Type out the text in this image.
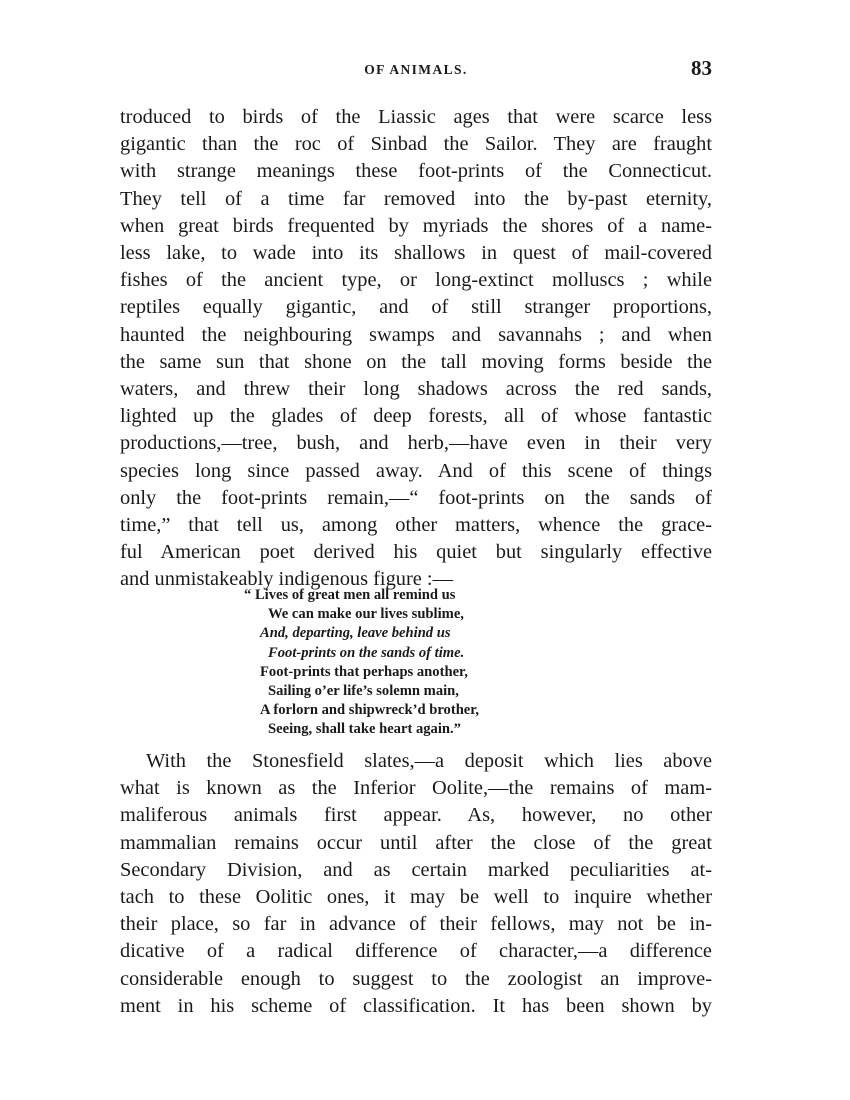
OF ANIMALS.	83
troduced to birds of the Liassic ages that were scarce less
gigantic than the roc of Sinbad the Sailor. They are fraught
with strange meanings these foot-prints of the Connecticut.
They tell of a time far removed into the by-past eternity,
when great birds frequented by myriads the shores of a name-
less lake, to wade into its shallows in quest of mail-covered
fishes of the ancient type, or long-extinct molluscs ; while
reptiles equally gigantic, and of still stranger proportions,
haunted the neighbouring swamps and savannahs ; and when
the same sun that shone on the tall moving forms beside the
waters, and threw their long shadows across the red sands,
lighted up the glades of deep forests, all of whose fantastic
productions,—tree, bush, and herb,—have even in their very
species long since passed away. And of this scene of things
only the foot-prints remain,—“ foot-prints on the sands of
time,” that tell us, among other matters, whence the grace-
ful American poet derived his quiet but singularly effective
and unmistakeably indigenous figure :—
“ Lives of great men all remind us
We can make our lives sublime,
And, departing, leave behind us
Foot-prints on the sands of time.
Foot-prints that perhaps another,
Sailing o’er life’s solemn main,
A forlorn and shipwreck’d brother,
Seeing, shall take heart again.”
With the Stonesfield slates,—a deposit which lies above
what is known as the Inferior Oolite,—the remains of mam-
maliferous animals first appear. As, however, no other
mammalian remains occur until after the close of the great
Secondary Division, and as certain marked peculiarities at-
tach to these Oolitic ones, it may be well to inquire whether
their place, so far in advance of their fellows, may not be in-
dicative of a radical difference of character,—a difference
considerable enough to suggest to the zoologist an improve-
ment in his scheme of classification. It has been shown by
